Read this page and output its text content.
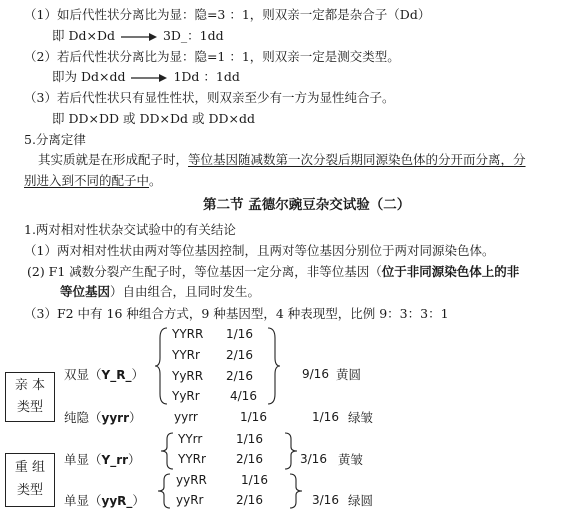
（1）如后代性状分离比为显：隐=3 ：1，则双亲一定都是杂合子（Dd）
即 Dd×Dd	3D_：1dd
（2）若后代性状分离比为显：隐=1 ：1，则双亲一定是测交类型。
即为 Dd×dd	1Dd ：1dd
（3）若后代性状只有显性性状，则双亲至少有一方为显性纯合子。
即 DD×DD 或 DD×Dd 或 DD×dd
5.分离定律
其实质就是在形成配子时，等位基因随减数第一次分裂后期同源染色体的分开而分离，分
别进入到不同的配子中。
第二节 孟德尔豌豆杂交试验（二）
1.两对相对性状杂交试验中的有关结论
（1）两对相对性状由两对等位基因控制，且两对等位基因分别位于两对同源染色体。
(2) F1 减数分裂产生配子时，等位基因一定分离，非等位基因（位于非同源染色体上的非
等位基因）自由组合，且同时发生。
（3）F2 中有 16 种组合方式，9 种基因型，4 种表现型，比例 9：3：3：1
亲 本
类型
双显（Y_R_）
YYRR 1/16
YYRr 2/16
YyRR 2/16
YyRr	4/16
9/16 黄圆
纯隐（yyrr）	yyrr	1/16	1/16 绿皱
重 组
类型
单显（Y_rr）
YYrr	1/16
YYRr	2/16	3/16 黄皱
单显（yyR_）
yyRR	1/16
yyRr	2/16	3/16 绿圆
